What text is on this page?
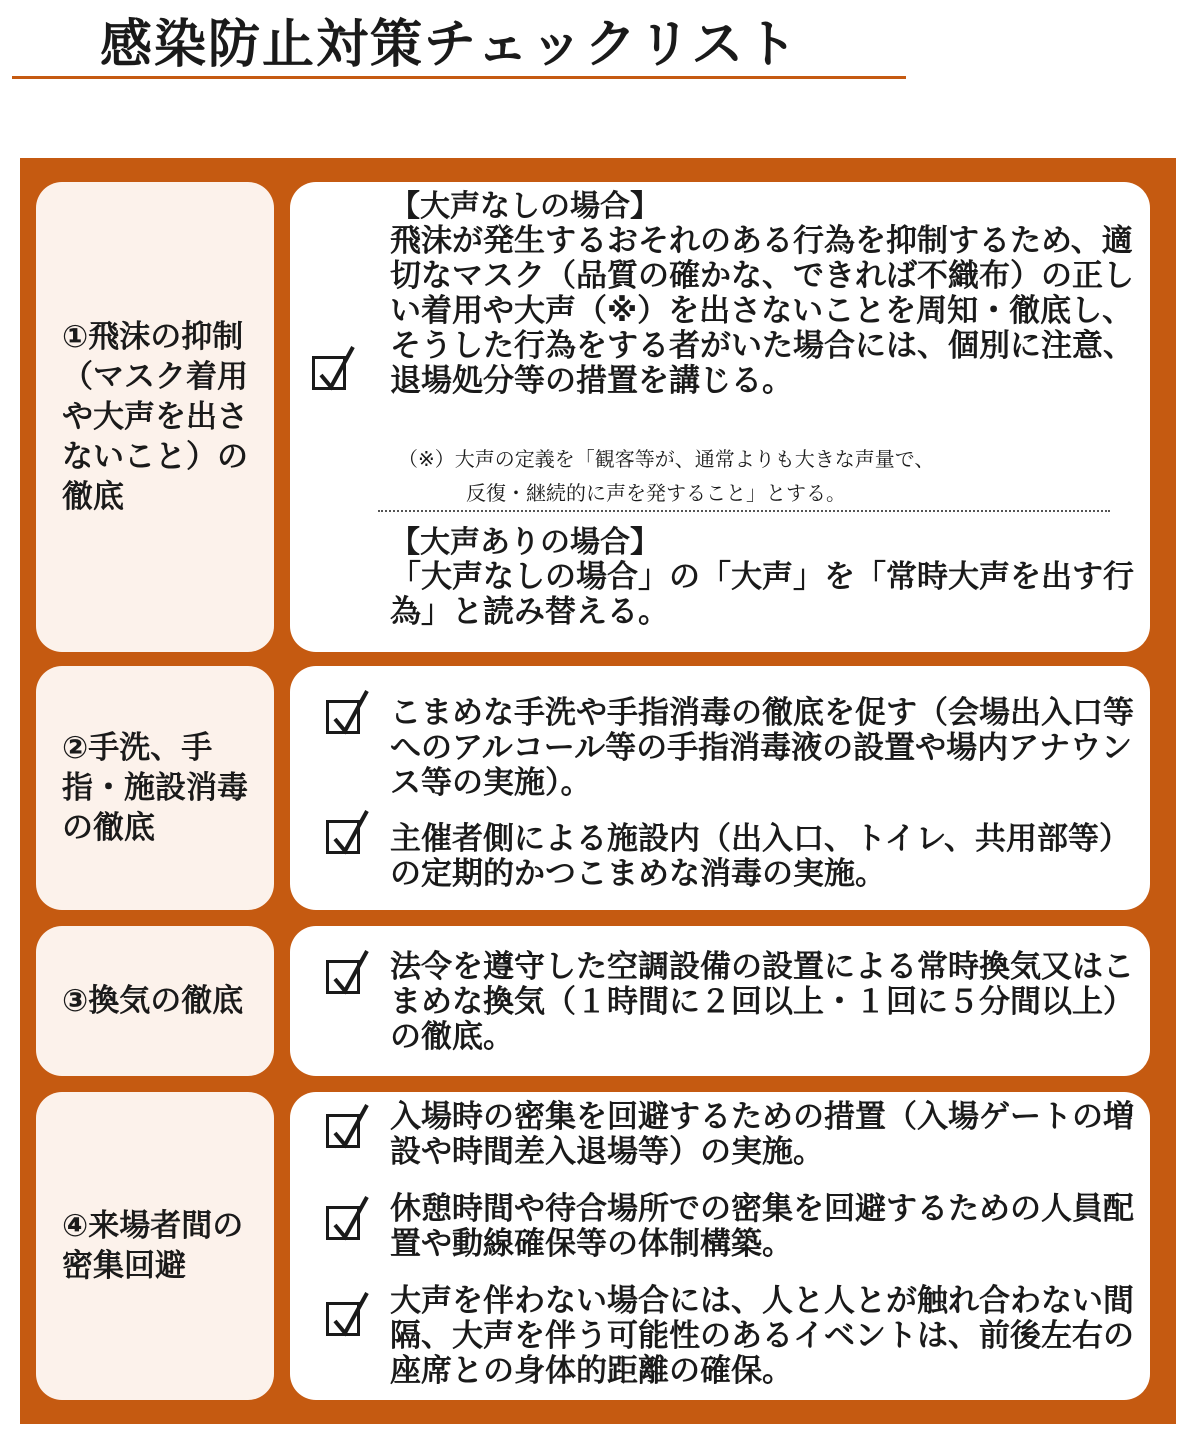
感染防止対策チェックリスト

①飛沫の抑制（マスク着用や大声を出さないこと）の徹底

【大声なしの場合】

飛沫が発生するおそれのある行為を抑制するため、適切なマスク（品質の確かな、できれば不織布）の正しい着用や大声（※）を出さないことを周知・徹底し、そうした行為をする者がいた場合には、個別に注意、退場処分等の措置を講じる。

（※）大声の定義を「観客等が、通常よりも大きな声量で、

反復・継続的に声を発すること」とする。

【大声ありの場合】

「大声なしの場合」の「大声」を「常時大声を出す行為」と読み替える。

②手洗、手指・施設消毒の徹底

こまめな手洗や手指消毒の徹底を促す（会場出入口等へのアルコール等の手指消毒液の設置や場内アナウンス等の実施）。

主催者側による施設内（出入口、トイレ、共用部等）の定期的かつこまめな消毒の実施。

③換気の徹底

法令を遵守した空調設備の設置による常時換気又はこまめな換気（１時間に２回以上・１回に５分間以上）の徹底。

④来場者間の密集回避

入場時の密集を回避するための措置（入場ゲートの増設や時間差入退場等）の実施。

休憩時間や待合場所での密集を回避するための人員配置や動線確保等の体制構築。

大声を伴わない場合には、人と人とが触れ合わない間隔、大声を伴う可能性のあるイベントは、前後左右の座席との身体的距離の確保。
